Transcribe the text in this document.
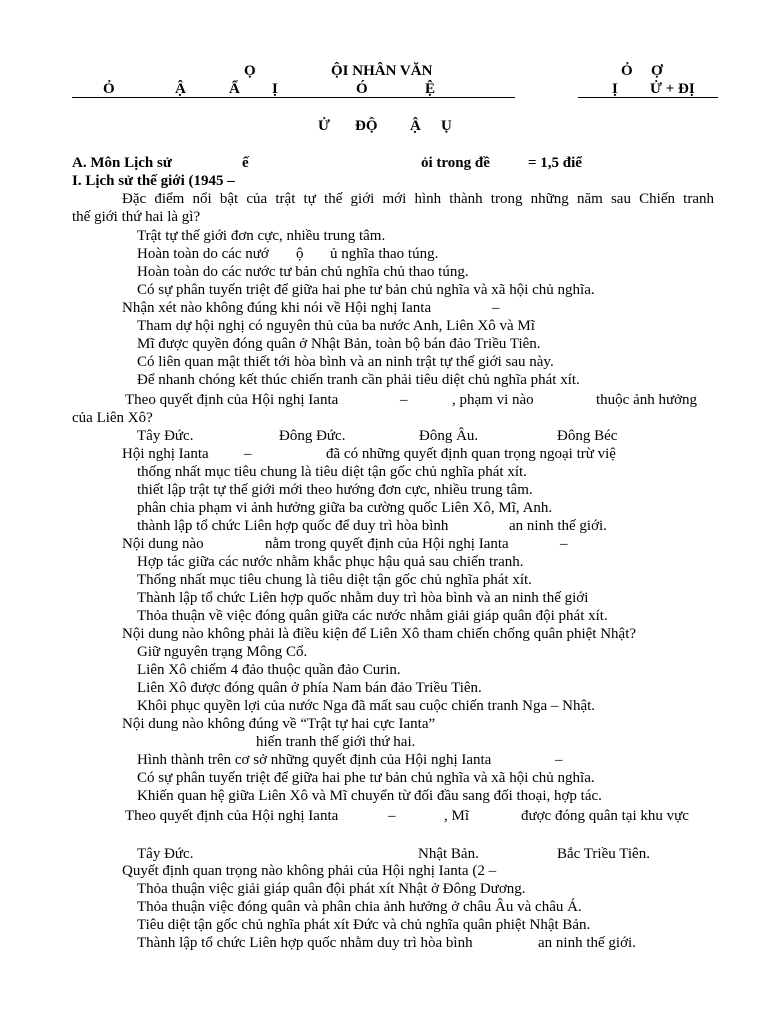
Ọ	ỘI NHÂN VĂN	Ỏ Ợ
Ỏ	Ậ	Ẩ Ị	Ó	Ệ	Ị Ử + ĐỊ
Ử ĐỘ Ậ Ụ
A. Môn Lịch sử	ế	ỏi trong đề	= 1,5 điể
I. Lịch sử thế giới (1945 –
Đặc điểm nổi bật của trật tự thế giới mới hình thành trong những năm sau Chiến tranh
thế giới thứ hai là gì?
Trật tự thế giới đơn cực, nhiều trung tâm.
Hoàn toàn do các nướ ộ ủ nghĩa thao túng.
Hoàn toàn do các nước tư bản chủ nghĩa chủ thao túng.
Có sự phân tuyến triệt để giữa hai phe tư bản chủ nghĩa và xã hội chủ nghĩa.
Nhận xét nào không đúng khi nói về Hội nghị Ianta	–
Tham dự hội nghị có nguyên thủ của ba nước Anh, Liên Xô và Mĩ
Mĩ được quyền đóng quân ở Nhật Bản, toàn bộ bán đảo Triều Tiên.
Có liên quan mật thiết tới hòa bình và an ninh trật tự thế giới sau này.
Để nhanh chóng kết thúc chiến tranh cần phải tiêu diệt chủ nghĩa phát xít.
Theo quyết định của Hội nghị Ianta	–	, phạm vi nào	thuộc ảnh hưởng
của Liên Xô?
Tây Đức.	Đông Đức.	Đông Âu.	Đông Béc
Hội nghị Ianta –	đã có những quyết định quan trọng ngoại trừ việ
thống nhất mục tiêu chung là tiêu diệt tận gốc chủ nghĩa phát xít.
thiết lập trật tự thế giới mới theo hướng đơn cực, nhiều trung tâm.
phân chia phạm vi ảnh hưởng giữa ba cường quốc Liên Xô, Mĩ, Anh.
thành lập tổ chức Liên hợp quốc để duy trì hòa bình	an ninh thế giới.
Nội dung nào	nằm trong quyết định của Hội nghị Ianta	–
Hợp tác giữa các nước nhằm khắc phục hậu quả sau chiến tranh.
Thống nhất mục tiêu chung là tiêu diệt tận gốc chủ nghĩa phát xít.
Thành lập tổ chức Liên hợp quốc nhằm duy trì hòa bình và an ninh thế giới
Thỏa thuận về việc đóng quân giữa các nước nhằm giải giáp quân đội phát xít.
Nội dung nào không phải là điều kiện để Liên Xô tham chiến chống quân phiệt Nhật?
Giữ nguyên trạng Mông Cổ.
Liên Xô chiếm 4 đảo thuộc quần đảo Curin.
Liên Xô được đóng quân ở phía Nam bán đảo Triều Tiên.
Khôi phục quyền lợi của nước Nga đã mất sau cuộc chiến tranh Nga – Nhật.
Nội dung nào không đúng về “Trật tự hai cực Ianta”
hiến tranh thế giới thứ hai.
Hình thành trên cơ sở những quyết định của Hội nghị Ianta	–
Có sự phân tuyến triệt để giữa hai phe tư bản chủ nghĩa và xã hội chủ nghĩa.
Khiến quan hệ giữa Liên Xô và Mĩ chuyển từ đối đầu sang đối thoại, hợp tác.
Theo quyết định của Hội nghị Ianta	–	, Mĩ	được đóng quân tại khu vực
Tây Đức.	Nhật Bản.	Bắc Triều Tiên.
Quyết định quan trọng nào không phải của Hội nghị Ianta (2 –
Thỏa thuận việc giải giáp quân đội phát xít Nhật ở Đông Dương.
Thỏa thuận việc đóng quân và phân chia ảnh hưởng ở châu Âu và châu Á.
Tiêu diệt tận gốc chủ nghĩa phát xít Đức và chủ nghĩa quân phiệt Nhật Bản.
Thành lập tổ chức Liên hợp quốc nhằm duy trì hòa bình	an ninh thế giới.
